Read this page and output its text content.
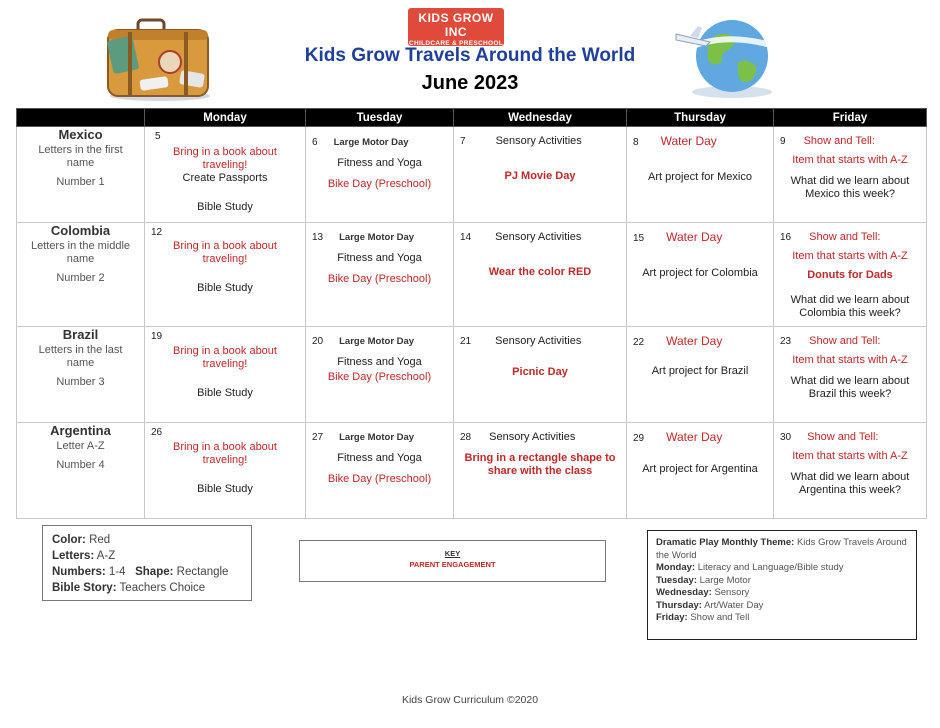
KIDS GROW INC
CHILDCARE & PRESCHOOL
Kids Grow Travels Around the World
June 2023
	Monday	Tuesday	Wednesday	Thursday	Friday

Mexico
Letters in the first
name
Number 1	5
Bring in a book about
traveling!
Create Passports
Bible Study	6 Large Motor Day
Fitness and Yoga
Bike Day (Preschool)	7 Sensory Activities
PJ Movie Day	8 Water Day
Art project for Mexico	9 Show and Tell:
Item that starts with A-Z
What did we learn about
Mexico this week?

Colombia
Letters in the middle
name
Number 2	12
Bring in a book about
traveling!
Bible Study	13 Large Motor Day
Fitness and Yoga
Bike Day (Preschool)	14 Sensory Activities
Wear the color RED	15 Water Day
Art project for Colombia	16 Show and Tell:
Item that starts with A-Z
Donuts for Dads
What did we learn about
Colombia this week?

Brazil
Letters in the last
name
Number 3	19
Bring in a book about
traveling!
Bible Study	20 Large Motor Day
Fitness and Yoga
Bike Day (Preschool)	21 Sensory Activities
Picnic Day	22 Water Day
Art project for Brazil	23 Show and Tell:
Item that starts with A-Z
What did we learn about
Brazil this week?

Argentina
Letter A-Z
Number 4	26
Bring in a book about
traveling!
Bible Study	27 Large Motor Day
Fitness and Yoga
Bike Day (Preschool)	28 Sensory Activities
Bring in a rectangle shape to
share with the class	29 Water Day
Art project for Argentina	30 Show and Tell:
Item that starts with A-Z
What did we learn about
Argentina this week?
Color: Red
Letters: A-Z
Numbers: 1-4 Shape: Rectangle
Bible Story: Teachers Choice
KEY
PARENT ENGAGEMENT
Dramatic Play Monthly Theme: Kids Grow Travels Around the World
Monday: Literacy and Language/Bible study
Tuesday: Large Motor
Wednesday: Sensory
Thursday: Art/Water Day
Friday: Show and Tell
Kids Grow Curriculum ©2020
